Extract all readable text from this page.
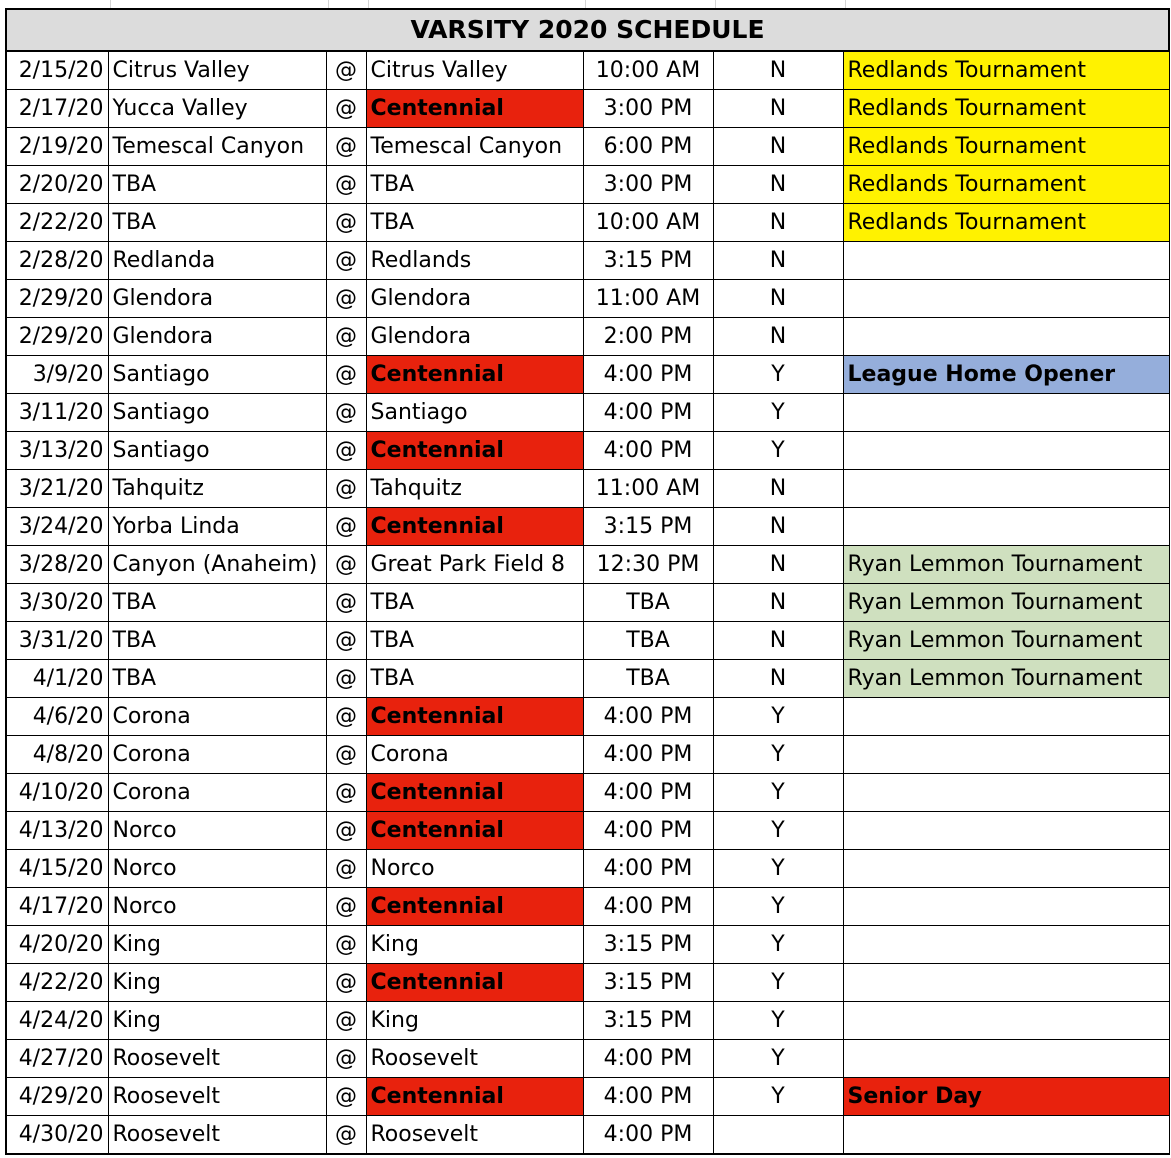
VARSITY 2020 SCHEDULE						
2/15/20	Citrus Valley	@	Citrus Valley	10:00 AM	N	Redlands Tournament
2/17/20	Yucca Valley	@	Centennial	3:00 PM	N	Redlands Tournament
2/19/20	Temescal Canyon	@	Temescal Canyon	6:00 PM	N	Redlands Tournament
2/20/20	TBA	@	TBA	3:00 PM	N	Redlands Tournament
2/22/20	TBA	@	TBA	10:00 AM	N	Redlands Tournament
2/28/20	Redlanda	@	Redlands	3:15 PM	N	
2/29/20	Glendora	@	Glendora	11:00 AM	N	
2/29/20	Glendora	@	Glendora	2:00 PM	N	
3/9/20	Santiago	@	Centennial	4:00 PM	Y	League Home Opener
3/11/20	Santiago	@	Santiago	4:00 PM	Y	
3/13/20	Santiago	@	Centennial	4:00 PM	Y	
3/21/20	Tahquitz	@	Tahquitz	11:00 AM	N	
3/24/20	Yorba Linda	@	Centennial	3:15 PM	N	
3/28/20	Canyon (Anaheim)	@	Great Park Field 8	12:30 PM	N	Ryan Lemmon Tournament
3/30/20	TBA	@	TBA	TBA	N	Ryan Lemmon Tournament
3/31/20	TBA	@	TBA	TBA	N	Ryan Lemmon Tournament
4/1/20	TBA	@	TBA	TBA	N	Ryan Lemmon Tournament
4/6/20	Corona	@	Centennial	4:00 PM	Y	
4/8/20	Corona	@	Corona	4:00 PM	Y	
4/10/20	Corona	@	Centennial	4:00 PM	Y	
4/13/20	Norco	@	Centennial	4:00 PM	Y	
4/15/20	Norco	@	Norco	4:00 PM	Y	
4/17/20	Norco	@	Centennial	4:00 PM	Y	
4/20/20	King	@	King	3:15 PM	Y	
4/22/20	King	@	Centennial	3:15 PM	Y	
4/24/20	King	@	King	3:15 PM	Y	
4/27/20	Roosevelt	@	Roosevelt	4:00 PM	Y	
4/29/20	Roosevelt	@	Centennial	4:00 PM	Y	Senior Day
4/30/20	Roosevelt	@	Roosevelt	4:00 PM		
